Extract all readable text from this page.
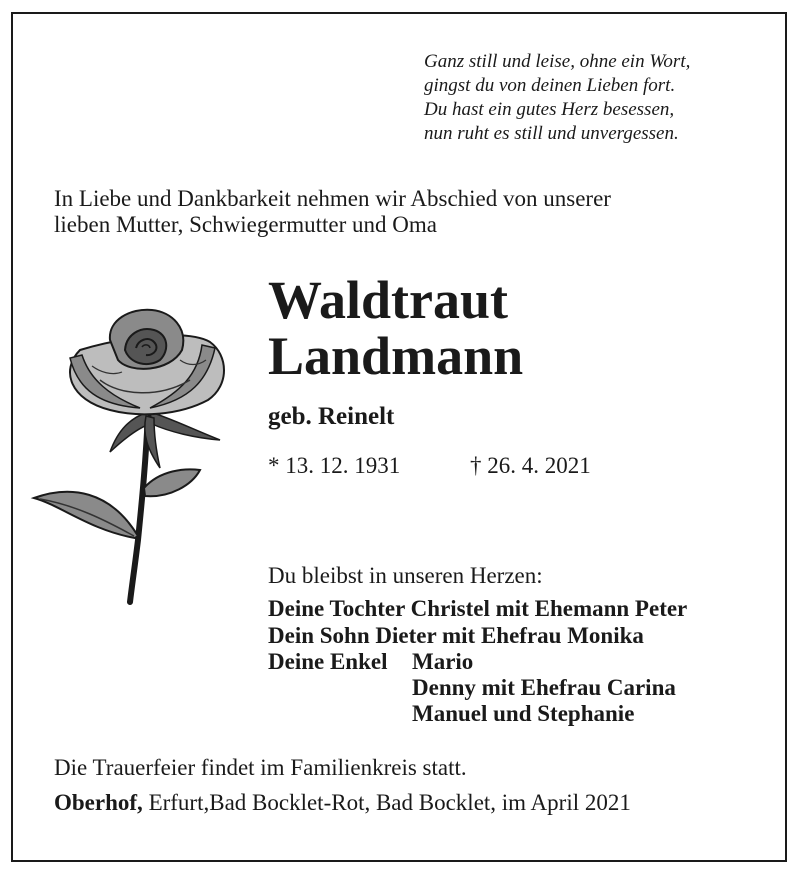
Ganz still und leise, ohne ein Wort,
gingst du von deinen Lieben fort.
Du hast ein gutes Herz besessen,
nun ruht es still und unvergessen.
In Liebe und Dankbarkeit nehmen wir Abschied von unserer
lieben Mutter, Schwiegermutter und Oma
Waldtraut
Landmann
geb. Reinelt
* 13. 12. 1931	† 26. 4. 2021
Du bleibst in unseren Herzen:
Deine Tochter Christel mit Ehemann Peter
Dein Sohn Dieter mit Ehefrau Monika
Deine Enkel Mario
Denny mit Ehefrau Carina
Manuel und Stephanie
Die Trauerfeier findet im Familienkreis statt.
Oberhof, Erfurt,Bad Bocklet-Rot, Bad Bocklet, im April 2021
